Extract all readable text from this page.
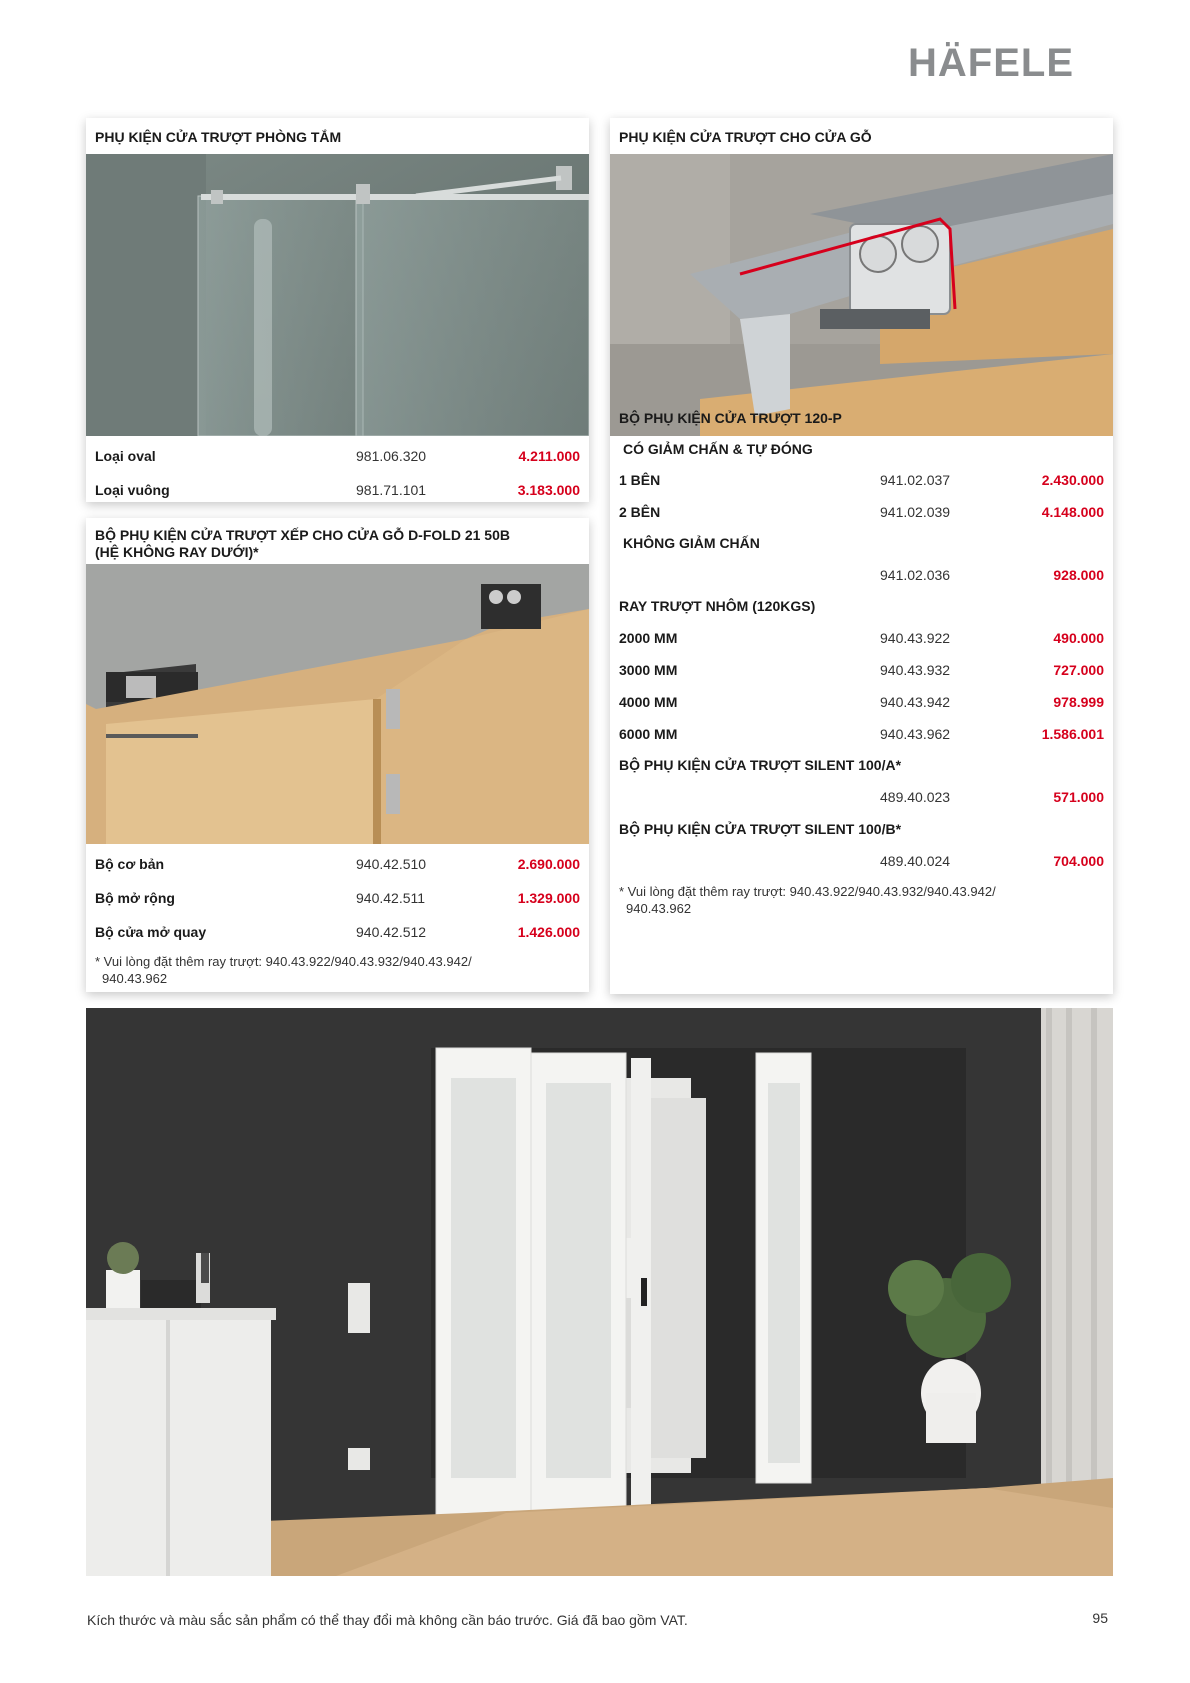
HÄFELE
PHỤ KIỆN CỬA TRƯỢT PHÒNG TẮM
Loại oval	981.06.320	4.211.000
Loại vuông	981.71.101	3.183.000
BỘ PHỤ KIỆN CỬA TRƯỢT XẾP CHO CỬA GỖ D-FOLD 21 50B
(HỆ KHÔNG RAY DƯỚI)*
Bộ cơ bản	940.42.510	2.690.000
Bộ mở rộng	940.42.511	1.329.000
Bộ cửa mở quay	940.42.512	1.426.000
* Vui lòng đặt thêm ray trượt: 940.43.922/940.43.932/940.43.942/
940.43.962
PHỤ KIỆN CỬA TRƯỢT CHO CỬA GỖ
BỘ PHỤ KIỆN CỬA TRƯỢT 120-P
CÓ GIẢM CHẤN & TỰ ĐÓNG
1 BÊN	941.02.037	2.430.000
2 BÊN	941.02.039	4.148.000
KHÔNG GIẢM CHẤN
941.02.036	928.000
RAY TRƯỢT NHÔM (120KGS)
2000 MM	940.43.922	490.000
3000 MM	940.43.932	727.000
4000 MM	940.43.942	978.999
6000 MM	940.43.962	1.586.001
BỘ PHỤ KIỆN CỬA TRƯỢT SILENT 100/A*
489.40.023	571.000
BỘ PHỤ KIỆN CỬA TRƯỢT SILENT 100/B*
489.40.024	704.000
* Vui lòng đặt thêm ray trượt: 940.43.922/940.43.932/940.43.942/
940.43.962
Kích thước và màu sắc sản phẩm có thể thay đổi mà không cần báo trước. Giá đã bao gồm VAT.	95
